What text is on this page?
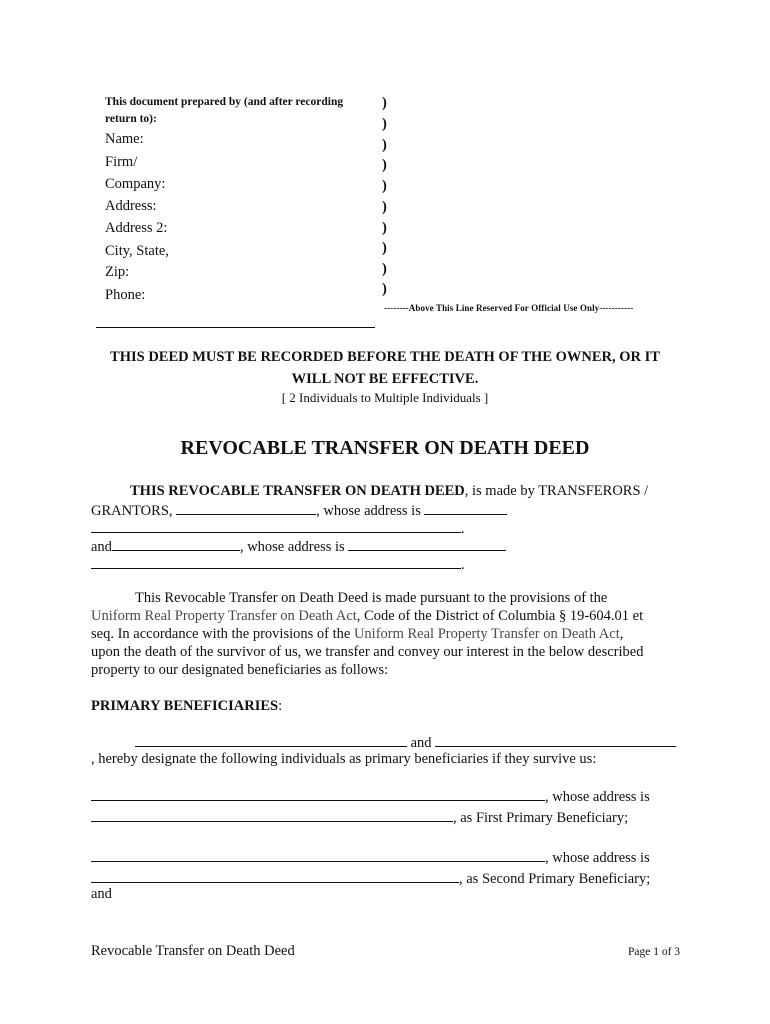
This document prepared by (and after recording
return to):
Name:
Firm/
Company:
Address:
Address 2:
City, State,
Zip:
Phone:
)
)
)
)
)
)
)
)
)
)
--------Above This Line Reserved For Official Use Only-----------
THIS DEED MUST BE RECORDED BEFORE THE DEATH OF THE OWNER, OR IT
WILL NOT BE EFFECTIVE.
[ 2 Individuals to Multiple Individuals ]
REVOCABLE TRANSFER ON DEATH DEED
THIS REVOCABLE TRANSFER ON DEATH DEED, is made by TRANSFERORS /
GRANTORS,	, whose address is
.
and	, whose address is
.
This Revocable Transfer on Death Deed is made pursuant to the provisions of the
Uniform Real Property Transfer on Death Act, Code of the District of Columbia § 19-604.01 et
seq. In accordance with the provisions of the Uniform Real Property Transfer on Death Act,
upon the death of the survivor of us, we transfer and convey our interest in the below described
property to our designated beneficiaries as follows:
PRIMARY BENEFICIARIES:
and
, hereby designate the following individuals as primary beneficiaries if they survive us:
, whose address is
, as First Primary Beneficiary;
, whose address is
, as Second Primary Beneficiary;
and
Revocable Transfer on Death Deed	Page 1 of 3
